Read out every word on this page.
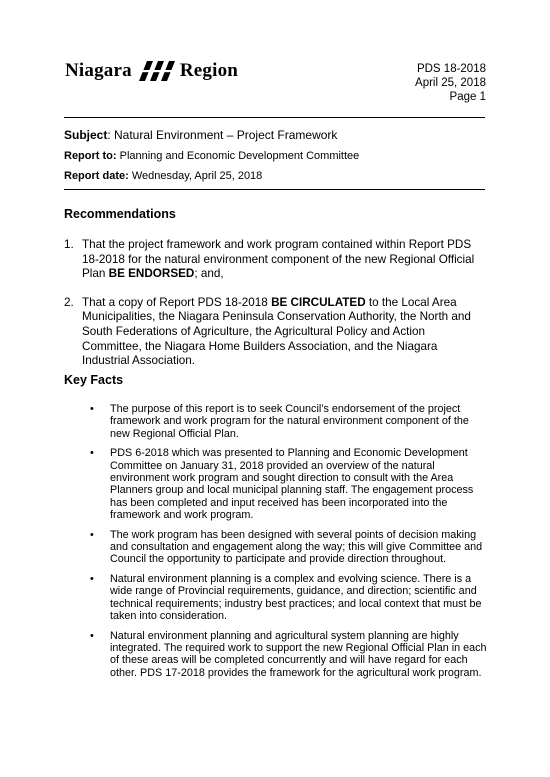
Niagara	Region	PDS 18-2018
April 25, 2018
Page 1
Subject: Natural Environment – Project Framework
Report to: Planning and Economic Development Committee
Report date: Wednesday, April 25, 2018
Recommendations
1. That the project framework and work program contained within Report PDS 18-2018 for the natural environment component of the new Regional Official Plan BE ENDORSED; and,
2. That a copy of Report PDS 18-2018 BE CIRCULATED to the Local Area Municipalities, the Niagara Peninsula Conservation Authority, the North and South Federations of Agriculture, the Agricultural Policy and Action Committee, the Niagara Home Builders Association, and the Niagara Industrial Association.
Key Facts
• The purpose of this report is to seek Council’s endorsement of the project framework and work program for the natural environment component of the new Regional Official Plan.
• PDS 6-2018 which was presented to Planning and Economic Development Committee on January 31, 2018 provided an overview of the natural environment work program and sought direction to consult with the Area Planners group and local municipal planning staff. The engagement process has been completed and input received has been incorporated into the framework and work program.
• The work program has been designed with several points of decision making and consultation and engagement along the way; this will give Committee and Council the opportunity to participate and provide direction throughout.
• Natural environment planning is a complex and evolving science. There is a wide range of Provincial requirements, guidance, and direction; scientific and technical requirements; industry best practices; and local context that must be taken into consideration.
• Natural environment planning and agricultural system planning are highly integrated. The required work to support the new Regional Official Plan in each of these areas will be completed concurrently and will have regard for each other. PDS 17-2018 provides the framework for the agricultural work program.
